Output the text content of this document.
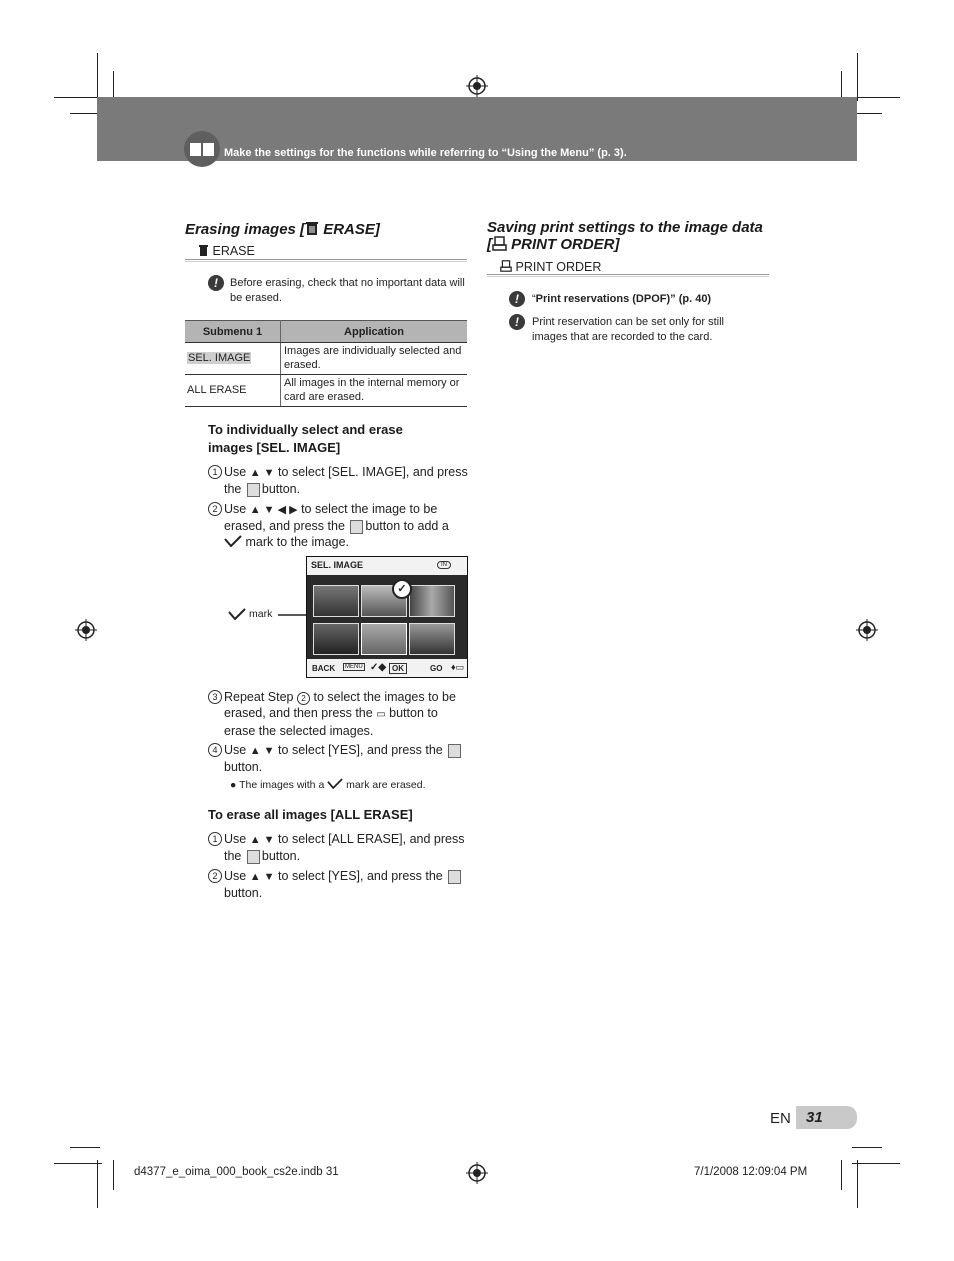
Make the settings for the functions while referring to “Using the Menu” (p. 3).
Erasing images [ ERASE]
ERASE
!	Before erasing, check that no important data will be erased.
Submenu 1	Application
SEL. IMAGE	Images are individually selected and erased.
ALL ERASE	All images in the internal memory or card are erased.
To individually select and erase images [SEL. IMAGE]
1 Use ▲ ▼ to select [SEL. IMAGE], and press the button.
2 Use ▲ ▼ ◀ ▶ to select the image to be erased, and press the button to add a  mark to the image.
mark
SEL. IMAGE	IN
✓
BACK	MENU ✓◆ OK	GO ♦▭
3 Repeat Step 2 to select the images to be erased, and then press the ▭ button to erase the selected images.
4 Use ▲ ▼ to select [YES], and press the button.
● The images with a mark are erased.
To erase all images [ALL ERASE]
1 Use ▲ ▼ to select [ALL ERASE], and press the button.
2 Use ▲ ▼ to select [YES], and press the button.
Saving print settings to the image data
[ PRINT ORDER]
PRINT ORDER
!	“Print reservations (DPOF)” (p. 40)
!	Print reservation can be set only for still images that are recorded to the card.
EN 31
d4377_e_oima_000_book_cs2e.indb 31	7/1/2008 12:09:04 PM
